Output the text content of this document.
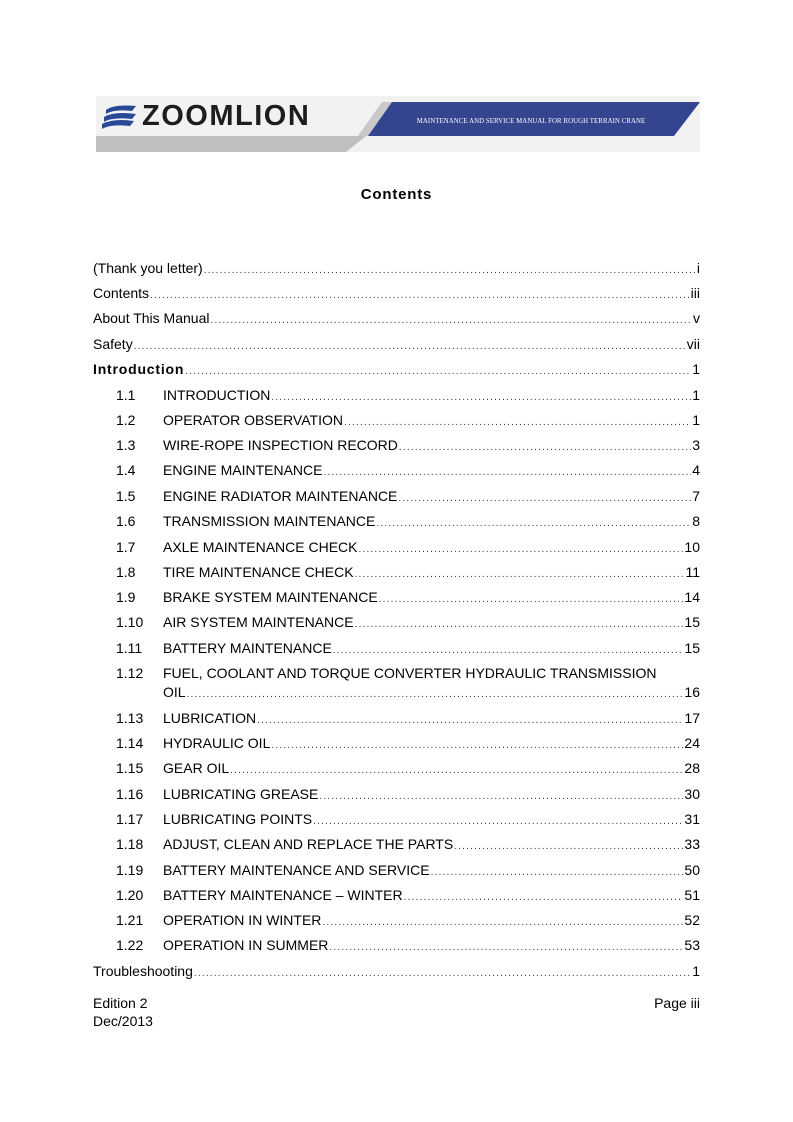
ZOOMLION	MAINTENANCE AND SERVICE MANUAL FOR ROUGH TERRAIN CRANE
Contents
(Thank you letter) .....	i
Contents .....	iii
About This Manual .....	v
Safety .....	vii
Introduction .....	1
1.1 INTRODUCTION .....	1
1.2 OPERATOR OBSERVATION .....	1
1.3 WIRE-ROPE INSPECTION RECORD .....	3
1.4 ENGINE MAINTENANCE .....	4
1.5 ENGINE RADIATOR MAINTENANCE .....	7
1.6 TRANSMISSION MAINTENANCE .....	8
1.7 AXLE MAINTENANCE CHECK .....	10
1.8 TIRE MAINTENANCE CHECK .....	11
1.9 BRAKE SYSTEM MAINTENANCE .....	14
1.10 AIR SYSTEM MAINTENANCE .....	15
1.11 BATTERY MAINTENANCE .....	15
1.12 FUEL, COOLANT AND TORQUE CONVERTER HYDRAULIC TRANSMISSION
OIL .....	16
1.13 LUBRICATION .....	17
1.14 HYDRAULIC OIL .....	24
1.15 GEAR OIL .....	28
1.16 LUBRICATING GREASE .....	30
1.17 LUBRICATING POINTS .....	31
1.18 ADJUST, CLEAN AND REPLACE THE PARTS .....	33
1.19 BATTERY MAINTENANCE AND SERVICE .....	50
1.20 BATTERY MAINTENANCE – WINTER .....	51
1.21 OPERATION IN WINTER .....	52
1.22 OPERATION IN SUMMER .....	53
Troubleshooting .....	1
Edition 2
Dec/2013
Page iii
